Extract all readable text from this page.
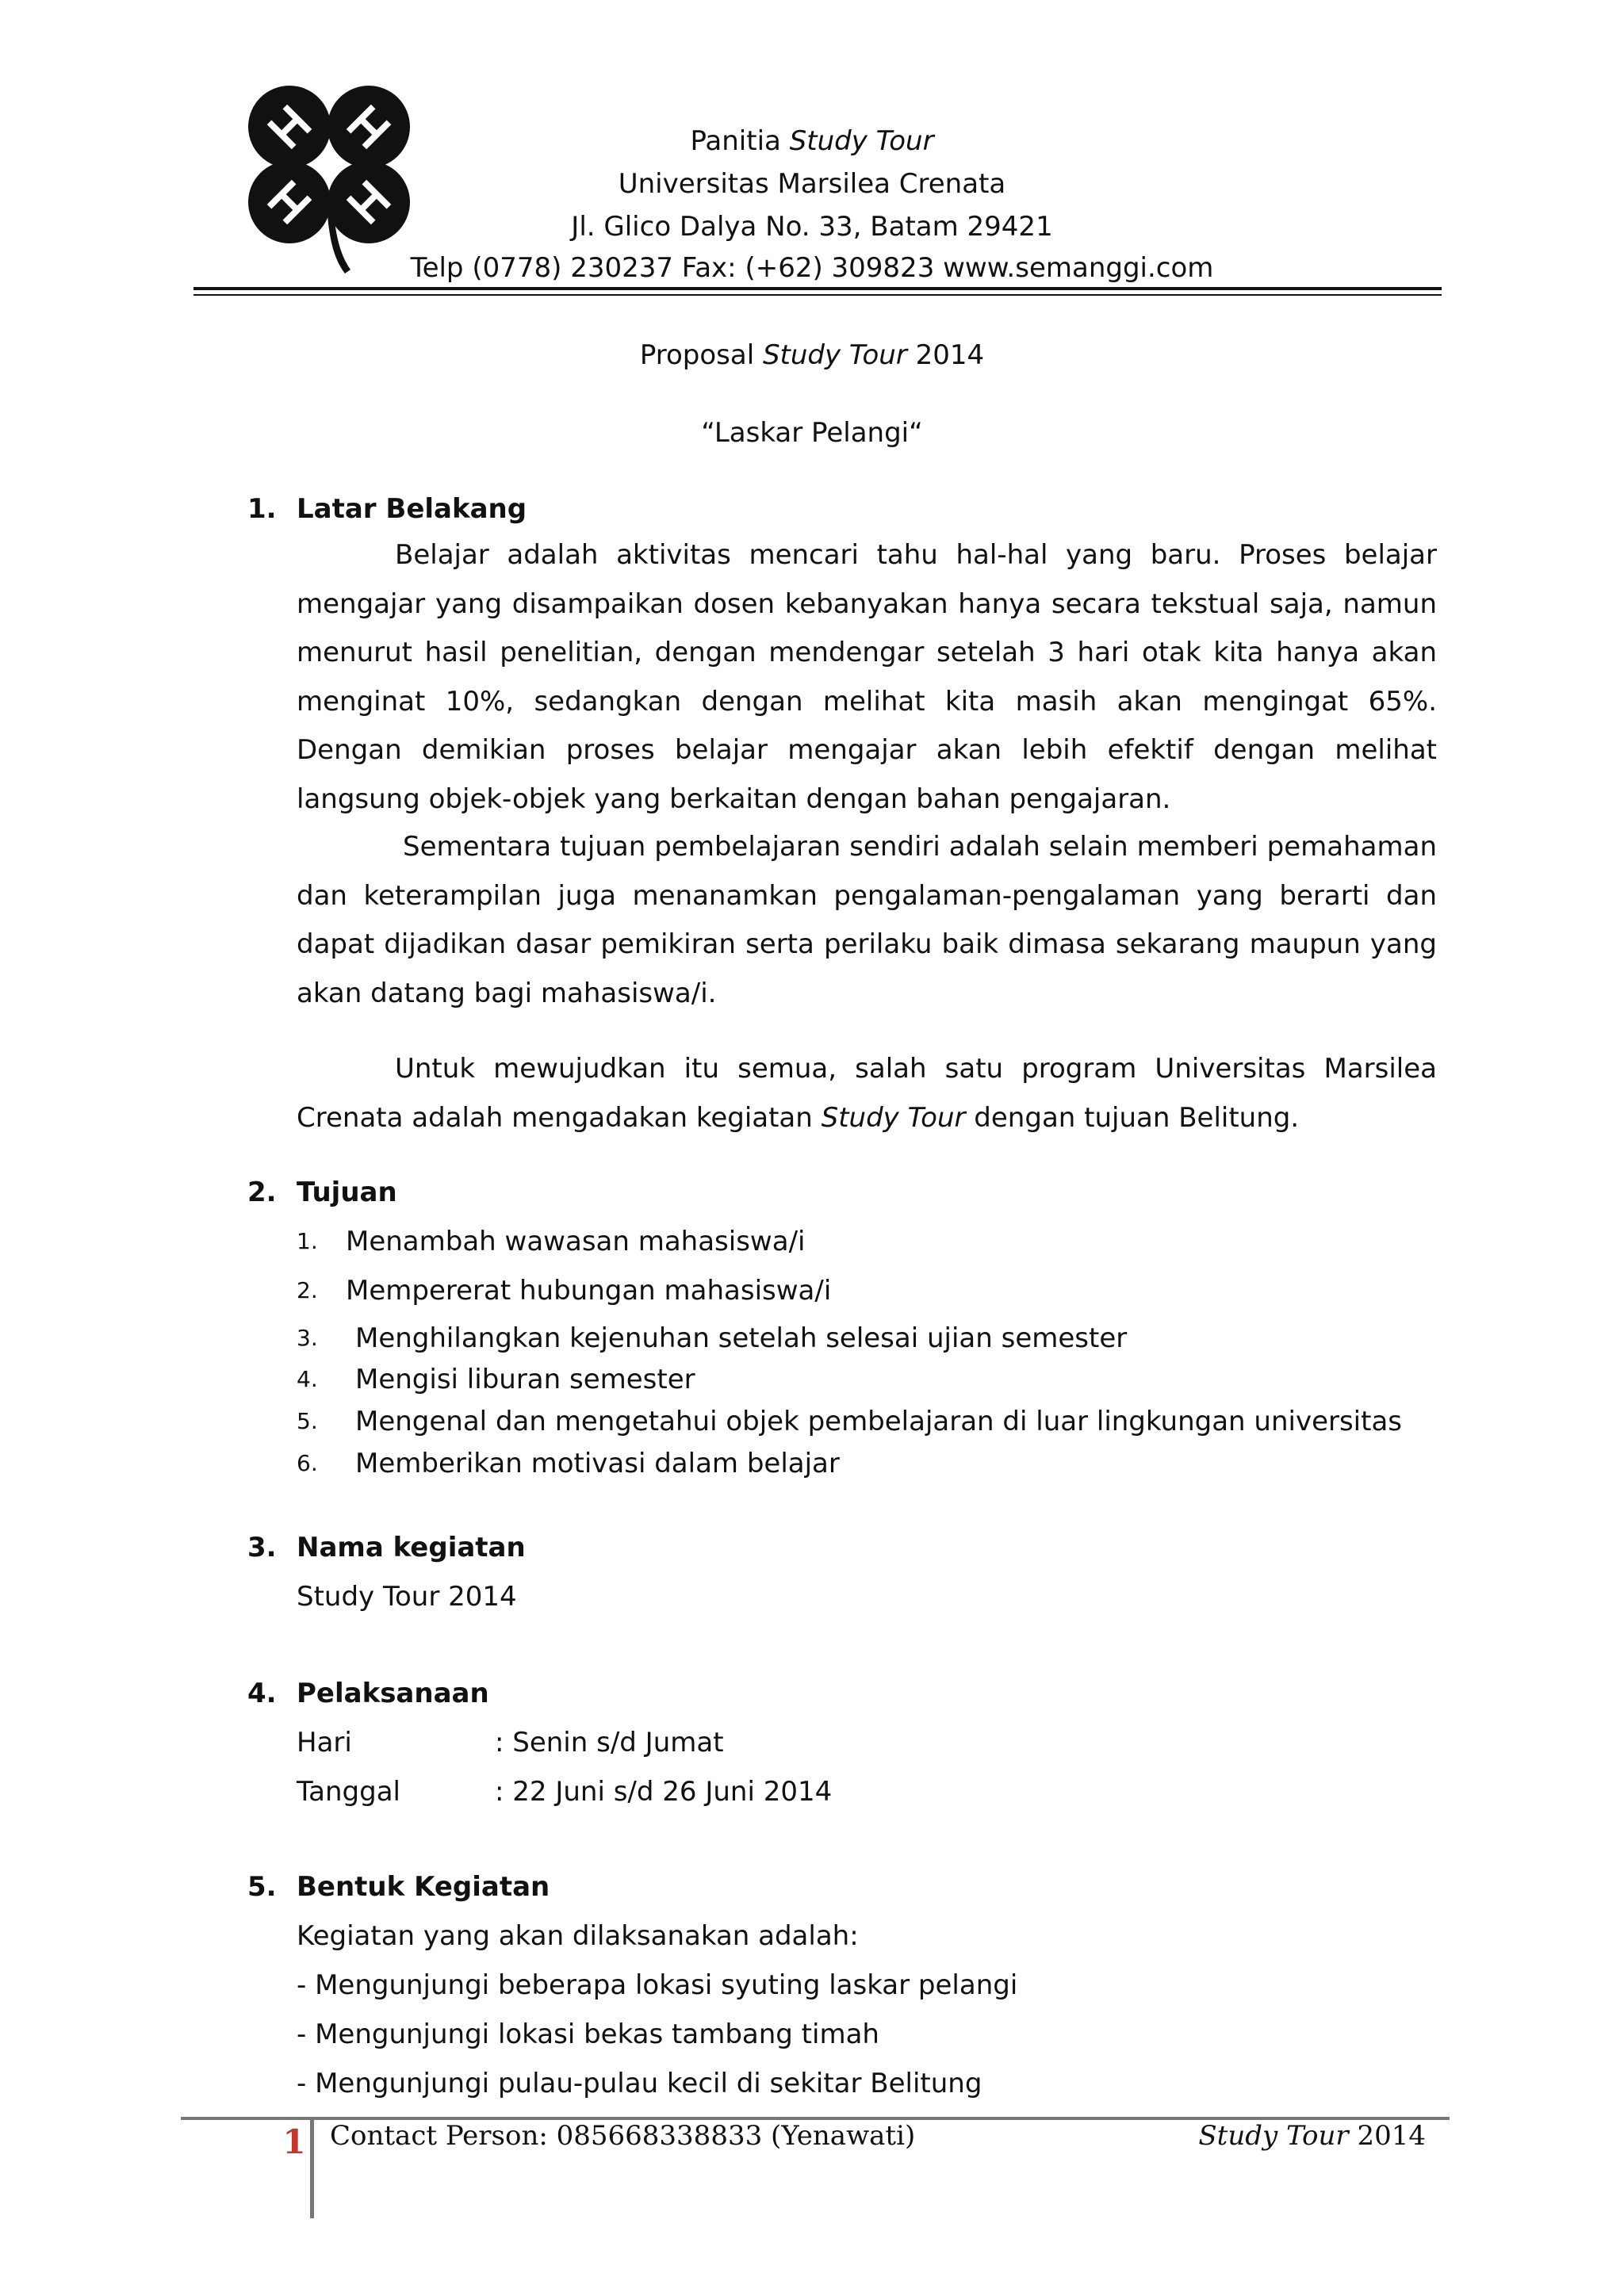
Panitia Study Tour
Universitas Marsilea Crenata
Jl. Glico Dalya No. 33, Batam 29421
Telp (0778) 230237 Fax: (+62) 309823 www.semanggi.com
Proposal Study Tour 2014
“Laskar Pelangi“
1. Latar Belakang
Belajar adalah aktivitas mencari tahu hal-hal yang baru. Proses belajar mengajar yang disampaikan dosen kebanyakan hanya secara tekstual saja, namun menurut hasil penelitian, dengan mendengar setelah 3 hari otak kita hanya akan menginat 10%, sedangkan dengan melihat kita masih akan mengingat 65%. Dengan demikian proses belajar mengajar akan lebih efektif dengan melihat langsung objek-objek yang berkaitan dengan bahan pengajaran.
Sementara tujuan pembelajaran sendiri adalah selain memberi pemahaman dan keterampilan juga menanamkan pengalaman-pengalaman yang berarti dan dapat dijadikan dasar pemikiran serta perilaku baik dimasa sekarang maupun yang akan datang bagi mahasiswa/i.
Untuk mewujudkan itu semua, salah satu program Universitas Marsilea Crenata adalah mengadakan kegiatan Study Tour dengan tujuan Belitung.
2. Tujuan
1. Menambah wawasan mahasiswa/i
2. Mempererat hubungan mahasiswa/i
3. Menghilangkan kejenuhan setelah selesai ujian semester
4. Mengisi liburan semester
5. Mengenal dan mengetahui objek pembelajaran di luar lingkungan universitas
6. Memberikan motivasi dalam belajar
3. Nama kegiatan
Study Tour 2014
4. Pelaksanaan
Hari	: Senin s/d Jumat
Tanggal	: 22 Juni s/d 26 Juni 2014
5. Bentuk Kegiatan
Kegiatan yang akan dilaksanakan adalah:
- Mengunjungi beberapa lokasi syuting laskar pelangi
- Mengunjungi lokasi bekas tambang timah
- Mengunjungi pulau-pulau kecil di sekitar Belitung
1 Contact Person: 085668338833 (Yenawati)	Study Tour 2014
